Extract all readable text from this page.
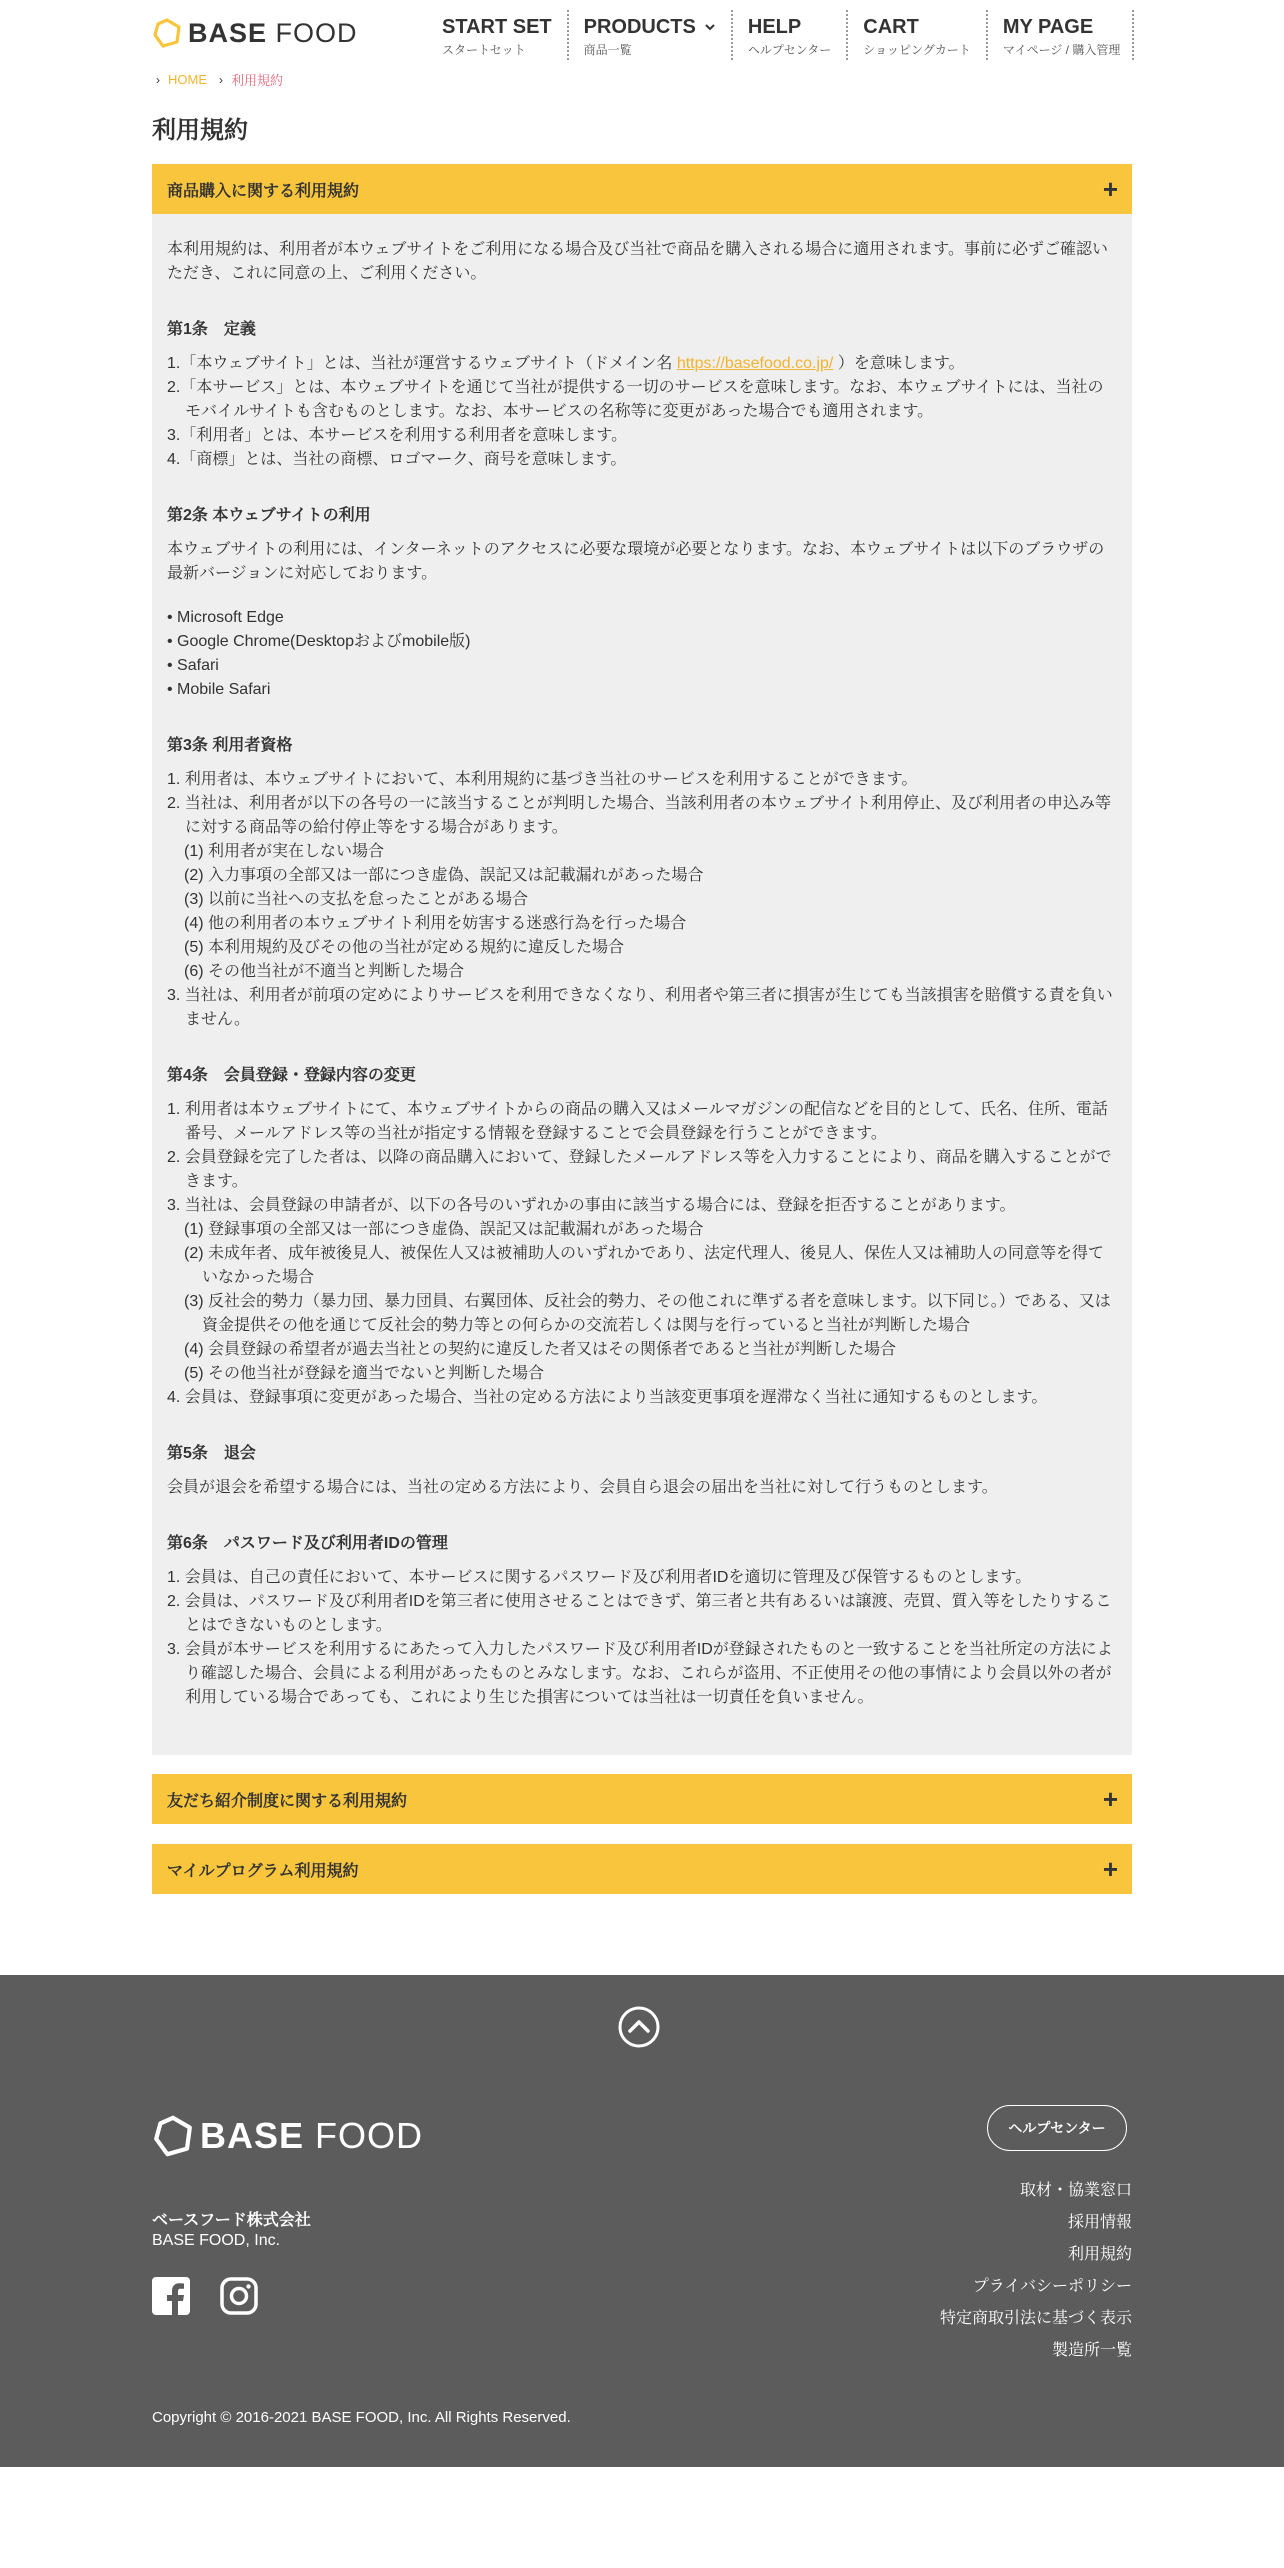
BASE FOOD	START SET
スタートセット
PRODUCTS
商品一覧
HELP
ヘルプセンター
CART
ショッピングカート
MY PAGE
マイページ / 購入管理
› HOME › 利用規約
利用規約
商品購入に関する利用規約	+

本利用規約は、利用者が本ウェブサイトをご利用になる場合及び当社で商品を購入される場合に適用されます。事前に必ずご確認いただき、これに同意の上、ご利用ください。

第1条　定義

1.「本ウェブサイト」とは、当社が運営するウェブサイト（ドメイン名 https://basefood.co.jp/ ）を意味します。

2.「本サービス」とは、本ウェブサイトを通じて当社が提供する一切のサービスを意味します。なお、本ウェブサイトには、当社のモバイルサイトも含むものとします。なお、本サービスの名称等に変更があった場合でも適用されます。

3.「利用者」とは、本サービスを利用する利用者を意味します。

4.「商標」とは、当社の商標、ロゴマーク、商号を意味します。

第2条 本ウェブサイトの利用

本ウェブサイトの利用には、インターネットのアクセスに必要な環境が必要となります。なお、本ウェブサイトは以下のブラウザの最新バージョンに対応しております。

• Microsoft Edge

• Google Chrome(Desktopおよびmobile版)

• Safari

• Mobile Safari

第3条 利用者資格

1. 利用者は、本ウェブサイトにおいて、本利用規約に基づき当社のサービスを利用することができます。

2. 当社は、利用者が以下の各号の一に該当することが判明した場合、当該利用者の本ウェブサイト利用停止、及び利用者の申込み等に対する商品等の給付停止等をする場合があります。

(1) 利用者が実在しない場合

(2) 入力事項の全部又は一部につき虚偽、誤記又は記載漏れがあった場合

(3) 以前に当社への支払を怠ったことがある場合

(4) 他の利用者の本ウェブサイト利用を妨害する迷惑行為を行った場合

(5) 本利用規約及びその他の当社が定める規約に違反した場合

(6) その他当社が不適当と判断した場合

3. 当社は、利用者が前項の定めによりサービスを利用できなくなり、利用者や第三者に損害が生じても当該損害を賠償する責を負いません。

第4条　会員登録・登録内容の変更

1. 利用者は本ウェブサイトにて、本ウェブサイトからの商品の購入又はメールマガジンの配信などを目的として、氏名、住所、電話番号、メールアドレス等の当社が指定する情報を登録することで会員登録を行うことができます。

2. 会員登録を完了した者は、以降の商品購入において、登録したメールアドレス等を入力することにより、商品を購入することができます。

3. 当社は、会員登録の申請者が、以下の各号のいずれかの事由に該当する場合には、登録を拒否することがあります。

(1) 登録事項の全部又は一部につき虚偽、誤記又は記載漏れがあった場合

(2) 未成年者、成年被後見人、被保佐人又は被補助人のいずれかであり、法定代理人、後見人、保佐人又は補助人の同意等を得ていなかった場合

(3) 反社会的勢力（暴力団、暴力団員、右翼団体、反社会的勢力、その他これに準ずる者を意味します。以下同じ。）である、又は資金提供その他を通じて反社会的勢力等との何らかの交流若しくは関与を行っていると当社が判断した場合

(4) 会員登録の希望者が過去当社との契約に違反した者又はその関係者であると当社が判断した場合

(5) その他当社が登録を適当でないと判断した場合

4. 会員は、登録事項に変更があった場合、当社の定める方法により当該変更事項を遅滞なく当社に通知するものとします。

第5条　退会

会員が退会を希望する場合には、当社の定める方法により、会員自ら退会の届出を当社に対して行うものとします。

第6条　パスワード及び利用者IDの管理

1. 会員は、自己の責任において、本サービスに関するパスワード及び利用者IDを適切に管理及び保管するものとします。

2. 会員は、パスワード及び利用者IDを第三者に使用させることはできず、第三者と共有あるいは譲渡、売買、質入等をしたりすることはできないものとします。

3. 会員が本サービスを利用するにあたって入力したパスワード及び利用者IDが登録されたものと一致することを当社所定の方法により確認した場合、会員による利用があったものとみなします。なお、これらが盗用、不正使用その他の事情により会員以外の者が利用している場合であっても、これにより生じた損害については当社は一切責任を負いません。

友だち紹介制度に関する利用規約	+
マイルプログラム利用規約	+
BASE FOOD
ベースフード株式会社
BASE FOOD, Inc.
ヘルプセンター
取材・協業窓口
採用情報
利用規約
プライバシーポリシー
特定商取引法に基づく表示
製造所一覧
Copyright © 2016-2021 BASE FOOD, Inc. All Rights Reserved.
